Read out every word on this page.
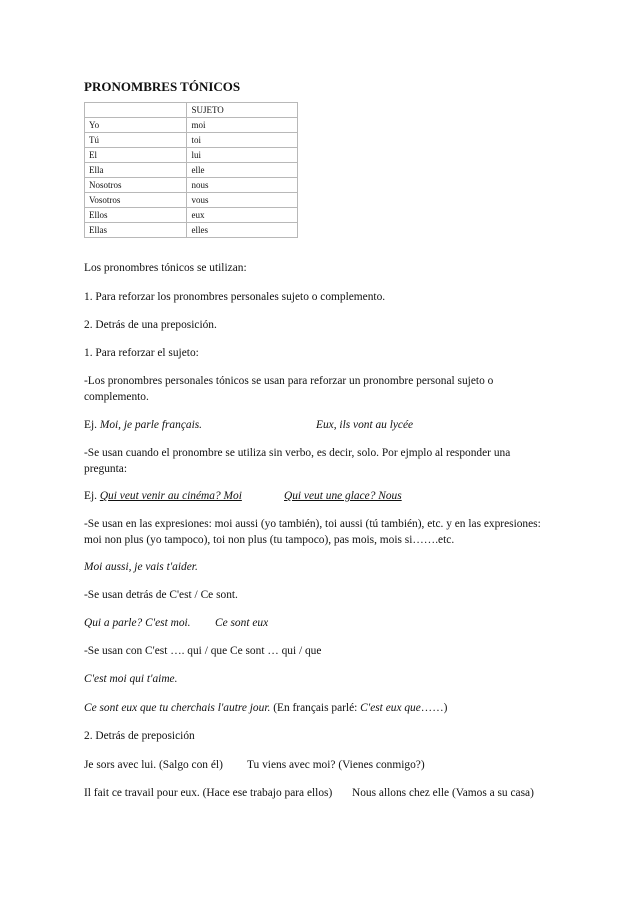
PRONOMBRES TÓNICOS
	SUJETO
Yo	moi
Tú	toi
El	lui
Ella	elle
Nosotros	nous
Vosotros	vous
Ellos	eux
Ellas	elles

Los pronombres tónicos se utilizan:

1. Para reforzar los pronombres personales sujeto o complemento.

2. Detrás de una preposición.

1. Para reforzar el sujeto:

-Los pronombres personales tónicos se usan para reforzar un pronombre personal sujeto o complemento.

Ej. Moi, je parle français.	Eux, ils vont au lycée

-Se usan cuando el pronombre se utiliza sin verbo, es decir, solo. Por ejmplo al responder una pregunta:

Ej. Qui veut venir au cinéma? Moi	Qui veut une glace? Nous

-Se usan en las expresiones: moi aussi (yo también), toi aussi (tú también), etc. y en las expresiones: moi non plus (yo tampoco), toi non plus (tu tampoco), pas mois, mois si…….etc.

Moi aussi, je vais t'aider.

-Se usan detrás de C'est / Ce sont.

Qui a parle? C'est moi. Ce sont eux

-Se usan con C'est …. qui / que Ce sont … qui / que

C'est moi qui t'aime.

Ce sont eux que tu cherchais l'autre jour. (En français parlé: C'est eux que……)

2. Detrás de preposición

Je sors avec lui. (Salgo con él) Tu viens avec moi? (Vienes conmigo?)

Il fait ce travail pour eux. (Hace ese trabajo para ellos) Nous allons chez elle (Vamos a su casa)
